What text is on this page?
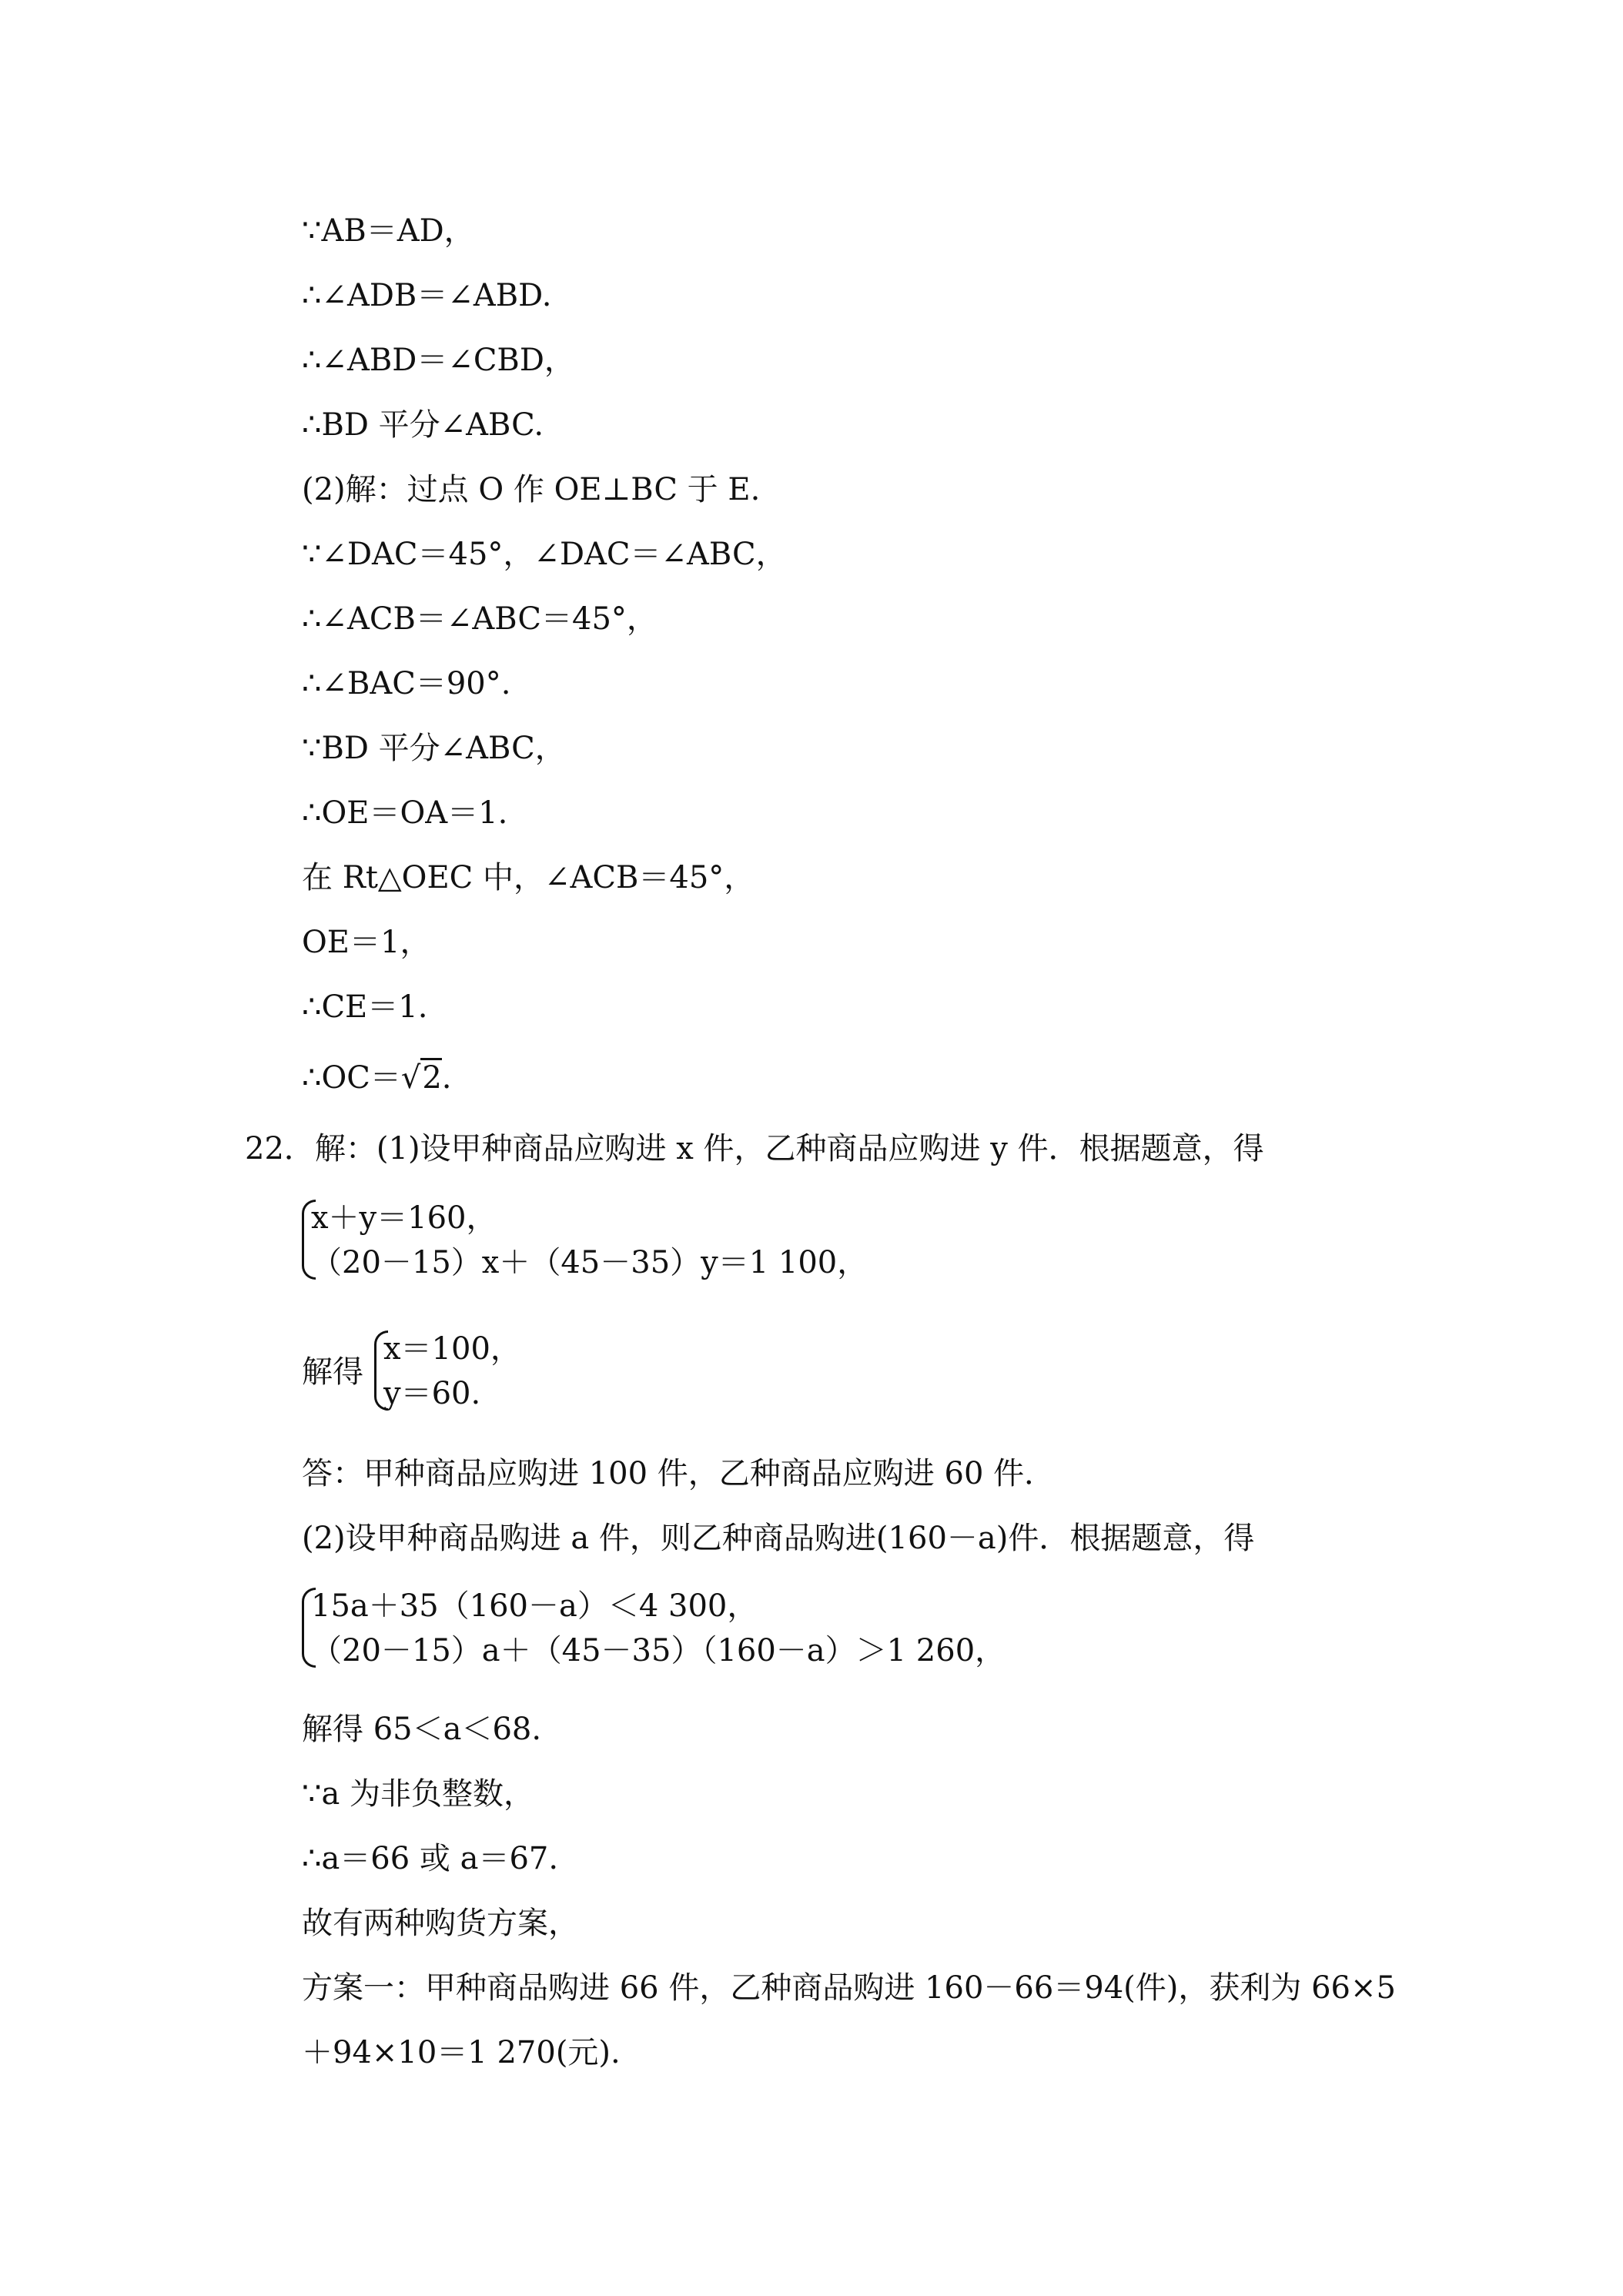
∵AB＝AD，
∴∠ADB＝∠ABD.
∴∠ABD＝∠CBD，
∴BD 平分∠ABC.
(2)解：过点 O 作 OE⊥BC 于 E.
∵∠DAC＝45°，∠DAC＝∠ABC，
∴∠ACB＝∠ABC＝45°，
∴∠BAC＝90°.
∵BD 平分∠ABC，
∴OE＝OA＝1.
在 Rt△OEC 中，∠ACB＝45°，
OE＝1，
∴CE＝1.
∴OC＝√2.
22．解：(1)设甲种商品应购进 x 件，乙种商品应购进 y 件．根据题意，得
x＋y＝160，
（20－15）x＋（45－35）y＝1 100，
解得
x＝100，
y＝60.
答：甲种商品应购进 100 件，乙种商品应购进 60 件．
(2)设甲种商品购进 a 件，则乙种商品购进(160－a)件．根据题意，得
15a＋35（160－a）＜4 300，
（20－15）a＋（45－35）（160－a）＞1 260，
解得 65＜a＜68.
∵a 为非负整数，
∴a＝66 或 a＝67.
故有两种购货方案，
方案一：甲种商品购进 66 件，乙种商品购进 160－66＝94(件)，获利为 66×5
＋94×10＝1 270(元).
